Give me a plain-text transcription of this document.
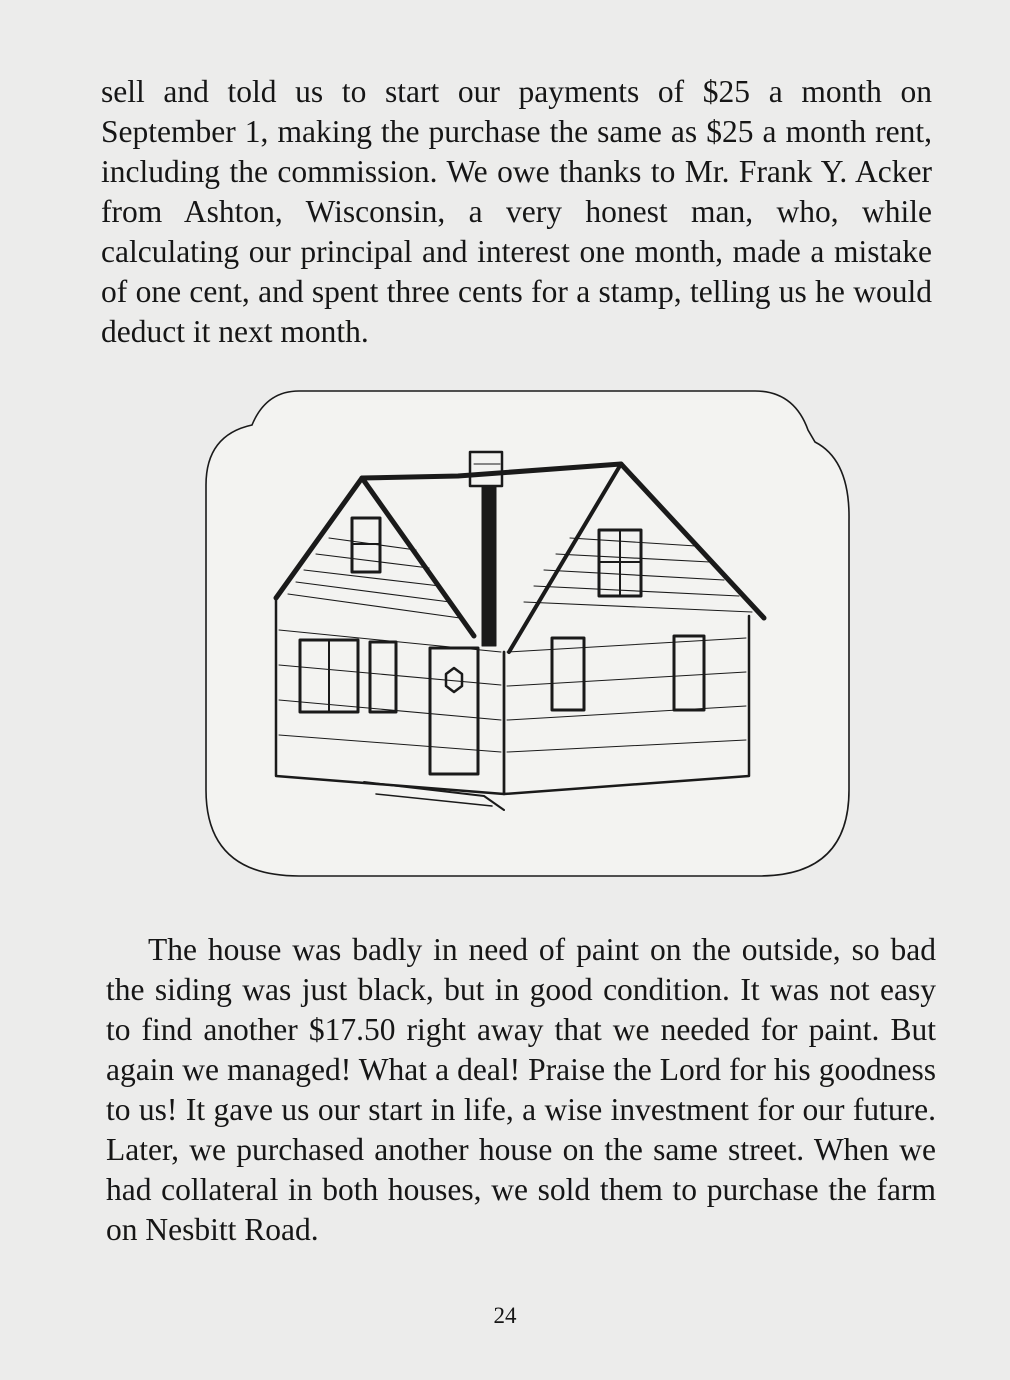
sell and told us to start our payments of $25 a month on September 1, making the purchase the same as $25 a month rent, including the commission. We owe thanks to Mr. Frank Y. Acker from Ashton, Wisconsin, a very honest man, who, while calculating our principal and interest one month, made a mistake of one cent, and spent three cents for a stamp, telling us he would deduct it next month.

The house was badly in need of paint on the outside, so bad the siding was just black, but in good condition. It was not easy to find another $17.50 right away that we needed for paint. But again we managed! What a deal! Praise the Lord for his goodness to us! It gave us our start in life, a wise investment for our future. Later, we purchased another house on the same street. When we had collateral in both houses, we sold them to purchase the farm on Nesbitt Road.

24
